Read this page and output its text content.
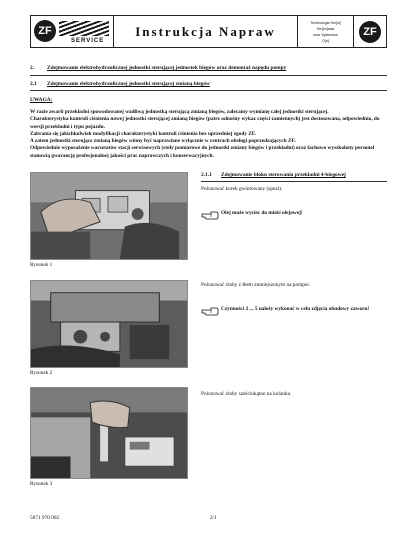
ZF
SERVICE
Instrukcja Napraw
Technologia Ser[w]
Ter[en]owa
oraz Systemów
O[n]
ZF
2. Zdejmowanie elektrohydraulicznej jednostki sterującej jednostek biegów oraz demontaż napędu pompy
2.1 Zdejmowanie elektrohydraulicznej jednostki sterującej zmianą biegów
UWAGA:

W razie awarii przekładni spowodowanej wadliwą jednostką sterującą zmianą biegów, zalecamy wymianę całej jednostki sterującej.

Charakterystyka kontroli ciśnienia nowej jednostki sterującej zmianą biegów (patrz odnośny wykaz części zamiennych) jest dostosowana, odpowiednio, do wersji przekładni i typu pojazdu.

Zabrania się jakichkolwiek modyfikacji charakterystyki kontroli ciśnienia bez uprzedniej zgody ZF.

A zatem jednostki sterujące zmianą biegów winny być naprawiane wyłącznie w centrach obsługi poprzedzających ZF.

Odpowiednie wyposażenie warsztatów stacji serwisowych (stoły pomiarowe do jednostki zmiany biegów i przekładni) oraz fachowo wyszkolony personel stanowią gwarancję profesjonalnej jakości prac naprawczych i konserwacyjnych.

2.1.1 Zdejmowanie bloku sterowania przekładni 4-biegowej
Rysunek 1
Poluzować korek gwintowany (spust).
Olej może wyciec do miski olejowej!
Rysunek 2
Poluzować śruby z łbem zmniejszonym na pompie.
Czynności 2 ... 5 należy wykonać w celu zdjęcia obudowy zaworu!
Rysunek 3
Poluzować śruby sześciokątne na kolanku.
5871 970 002	2/1
